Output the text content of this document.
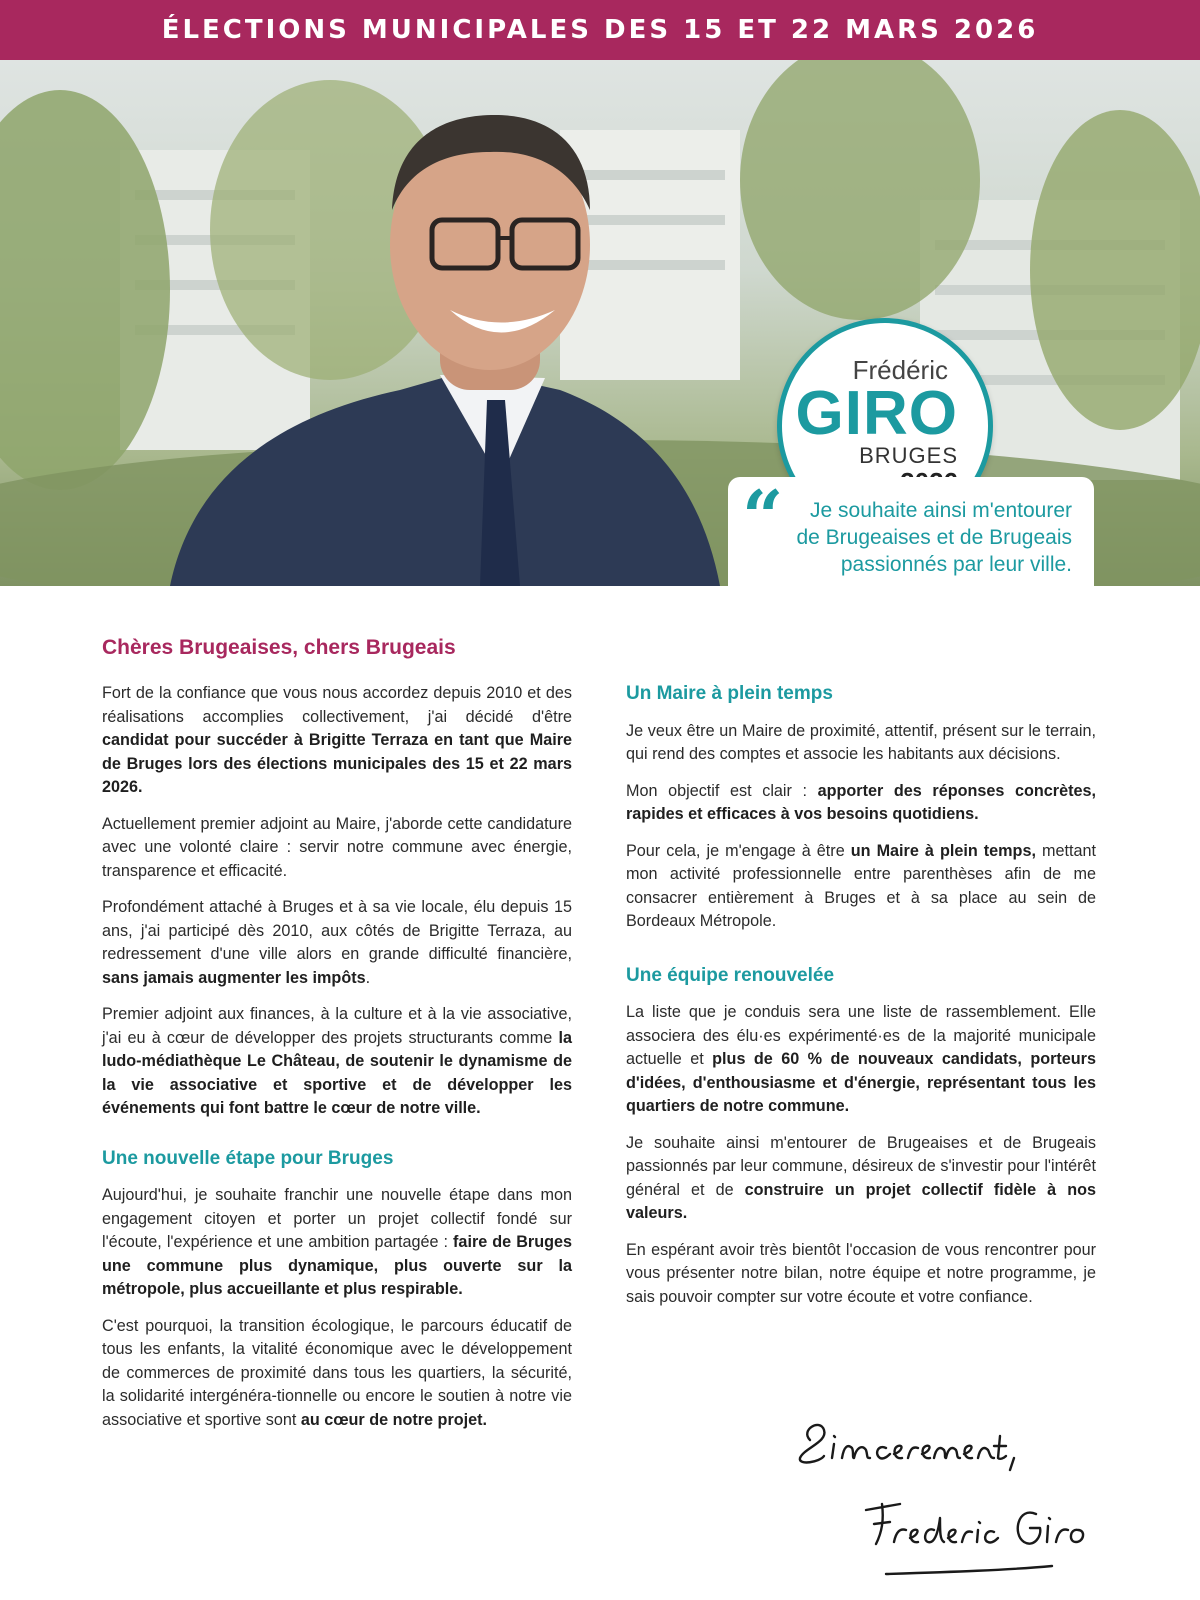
ÉLECTIONS MUNICIPALES DES 15 ET 22 MARS 2026
Frédéric
GIRO
BRUGES
“	Je souhaite ainsi m'entourer
de Brugeaises et de Brugeais
passionnés par leur ville.
Chères Brugeaises, chers Brugeais

Fort de la confiance que vous nous accordez depuis 2010 et des réalisations accomplies collectivement, j'ai décidé d'être candidat pour succéder à Brigitte Terraza en tant que Maire de Bruges lors des élections municipales des 15 et 22 mars 2026.

Actuellement premier adjoint au Maire, j'aborde cette candidature avec une volonté claire : servir notre commune avec énergie, transparence et efficacité.

Profondément attaché à Bruges et à sa vie locale, élu depuis 15 ans, j'ai participé dès 2010, aux côtés de Brigitte Terraza, au redressement d'une ville alors en grande difficulté financière, sans jamais augmenter les impôts.

Premier adjoint aux finances, à la culture et à la vie associative, j'ai eu à cœur de développer des projets structurants comme la ludo-médiathèque Le Château, de soutenir le dynamisme de la vie associative et sportive et de développer les événements qui font battre le cœur de notre ville.

Une nouvelle étape pour Bruges

Aujourd'hui, je souhaite franchir une nouvelle étape dans mon engagement citoyen et porter un projet collectif fondé sur l'écoute, l'expérience et une ambition partagée : faire de Bruges une commune plus dynamique, plus ouverte sur la métropole, plus accueillante et plus respirable.

C'est pourquoi, la transition écologique, le parcours éducatif de tous les enfants, la vitalité économique avec le développement de commerces de proximité dans tous les quartiers, la sécurité, la solidarité intergénéra-tionnelle ou encore le soutien à notre vie associative et sportive sont au cœur de notre projet.

Un Maire à plein temps

Je veux être un Maire de proximité, attentif, présent sur le terrain, qui rend des comptes et associe les habitants aux décisions.

Mon objectif est clair : apporter des réponses concrètes, rapides et efficaces à vos besoins quotidiens.

Pour cela, je m'engage à être un Maire à plein temps, mettant mon activité professionnelle entre parenthèses afin de me consacrer entièrement à Bruges et à sa place au sein de Bordeaux Métropole.

Une équipe renouvelée

La liste que je conduis sera une liste de rassemblement. Elle associera des élu·es expérimenté·es de la majorité municipale actuelle et plus de 60 % de nouveaux candidats, porteurs d'idées, d'enthousiasme et d'énergie, représentant tous les quartiers de notre commune.

Je souhaite ainsi m'entourer de Brugeaises et de Brugeais passionnés par leur commune, désireux de s'investir pour l'intérêt général et de construire un projet collectif fidèle à nos valeurs.

En espérant avoir très bientôt l'occasion de vous rencontrer pour vous présenter notre bilan, notre équipe et notre programme, je sais pouvoir compter sur votre écoute et votre confiance.
